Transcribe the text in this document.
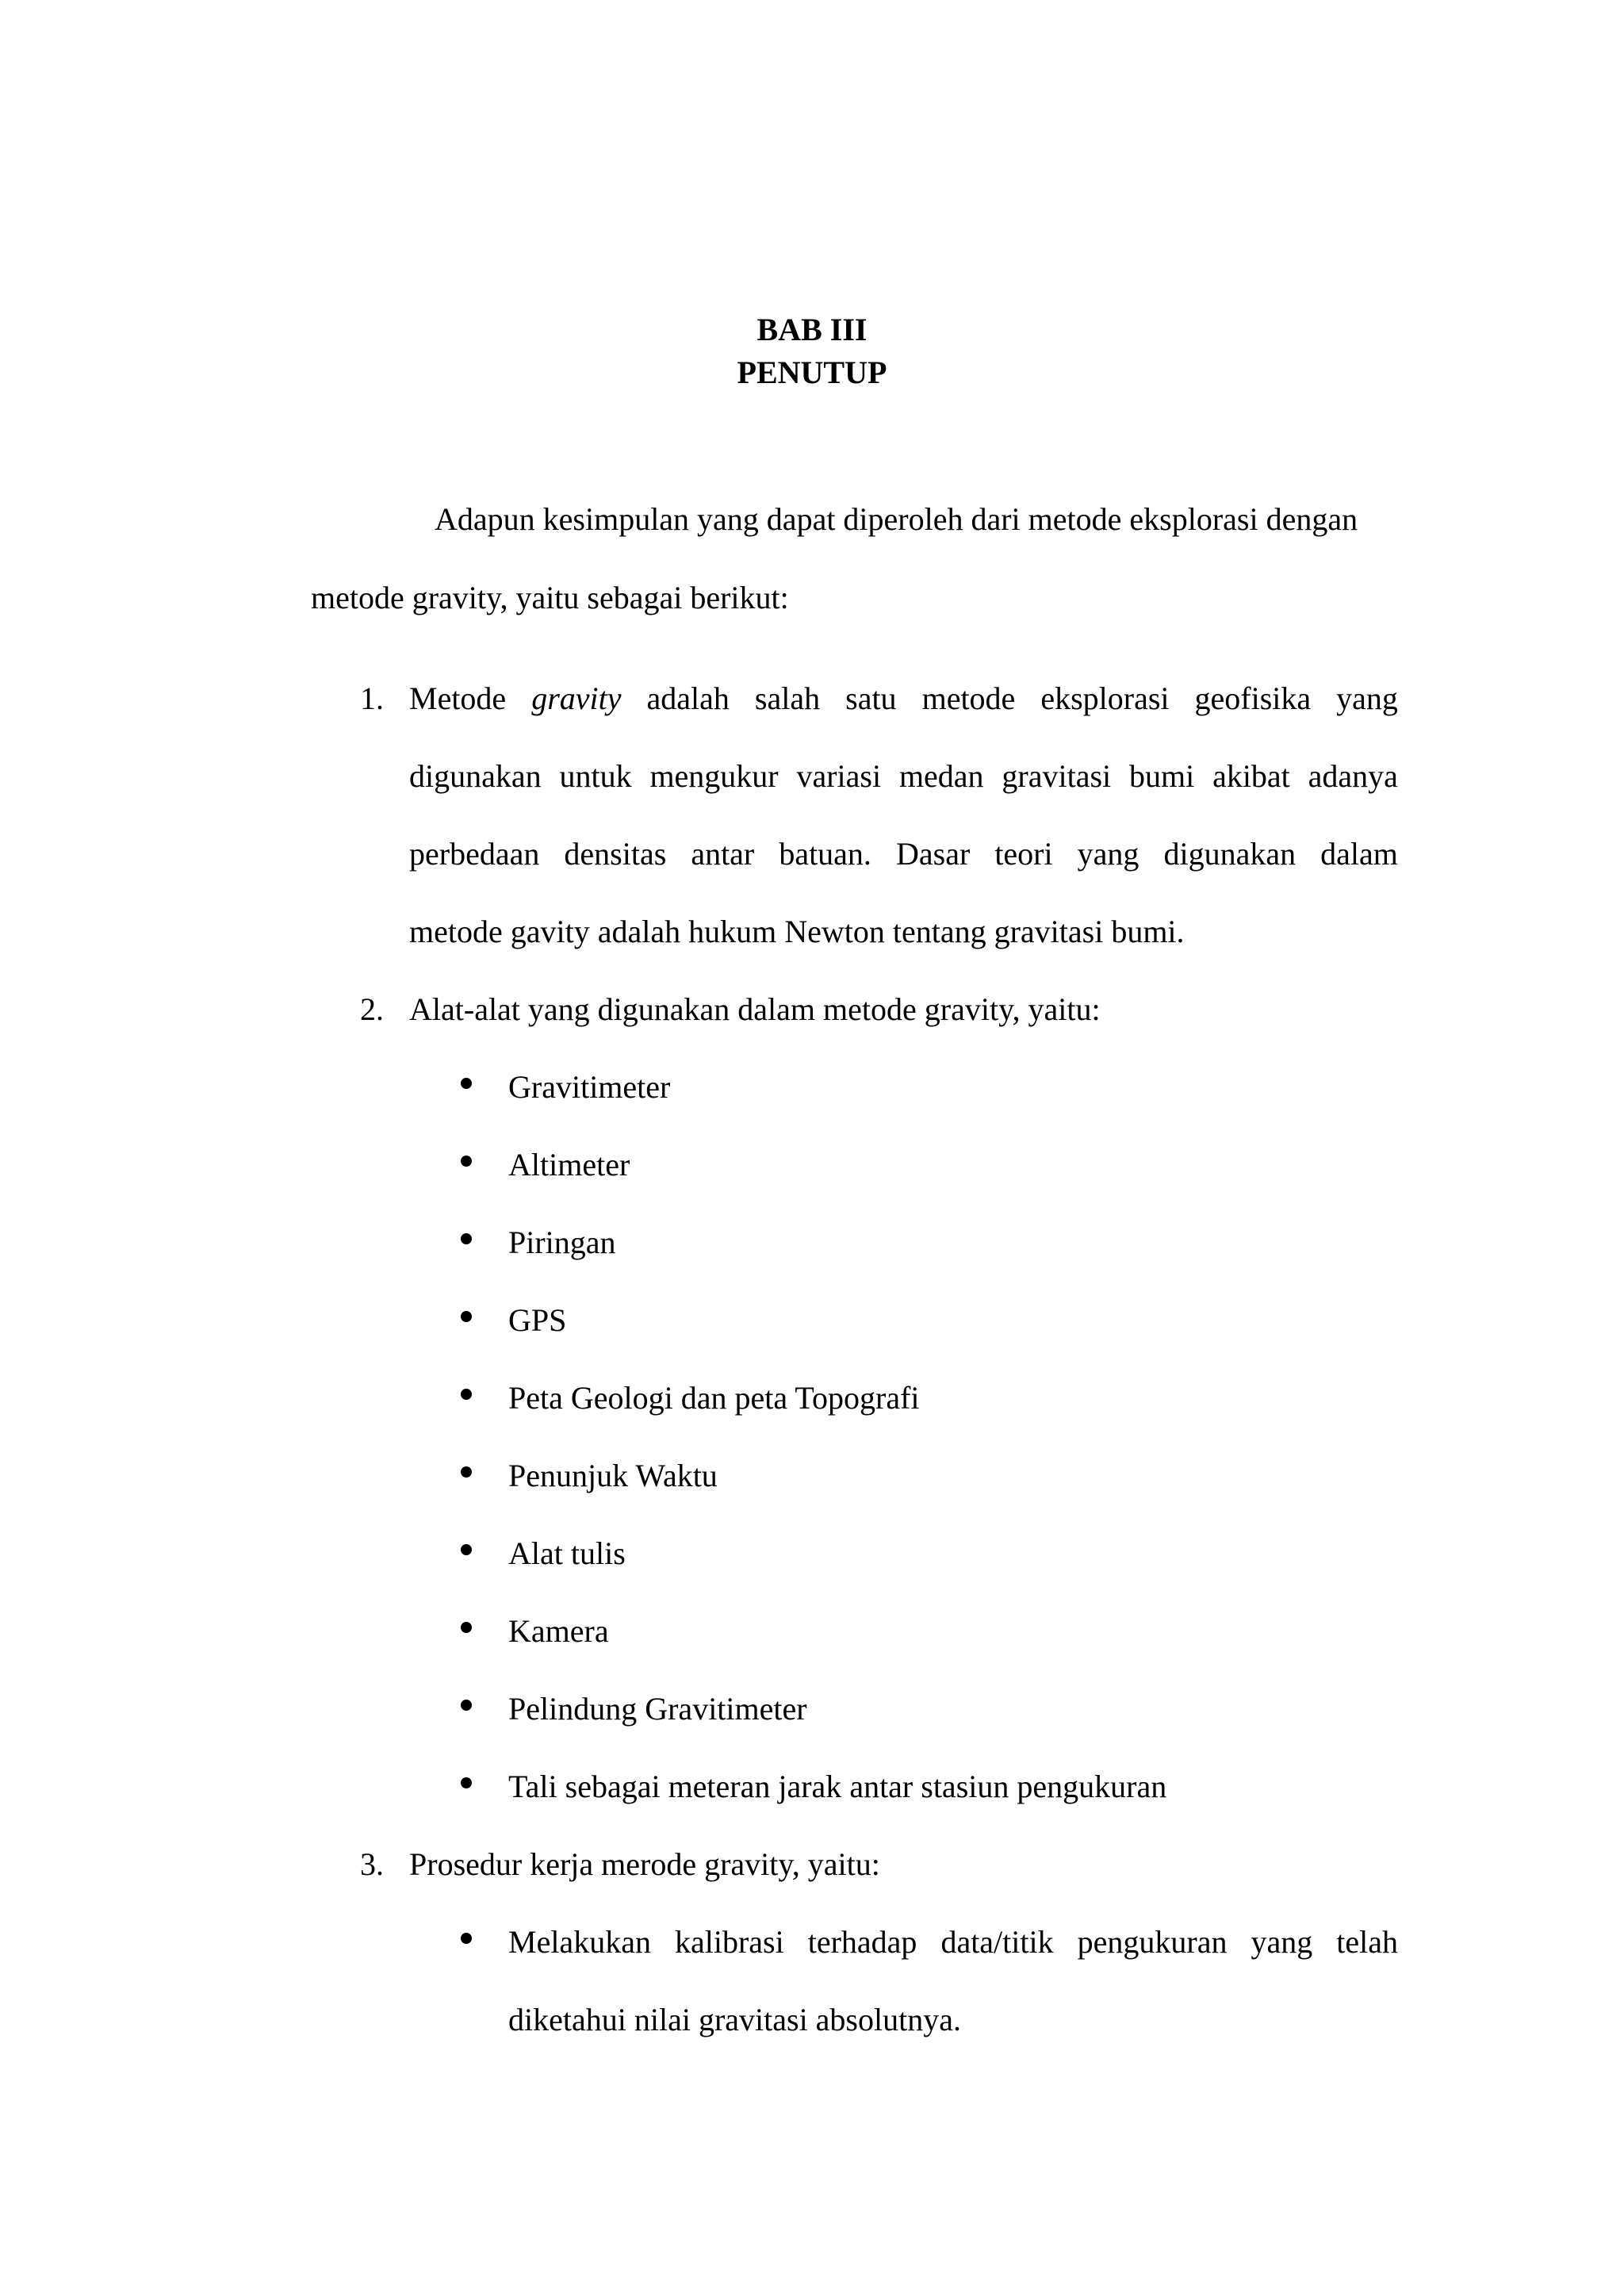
BAB III
PENUTUP
Adapun kesimpulan yang dapat diperoleh dari metode eksplorasi dengan
metode gravity, yaitu sebagai berikut:
1. Metode gravity adalah salah satu metode eksplorasi geofisika yang
digunakan untuk mengukur variasi medan gravitasi bumi akibat adanya
perbedaan densitas antar batuan. Dasar teori yang digunakan dalam
metode gavity adalah hukum Newton tentang gravitasi bumi.
2. Alat-alat yang digunakan dalam metode gravity, yaitu:
Gravitimeter
Altimeter
Piringan
GPS
Peta Geologi dan peta Topografi
Penunjuk Waktu
Alat tulis
Kamera
Pelindung Gravitimeter
Tali sebagai meteran jarak antar stasiun pengukuran
3. Prosedur kerja merode gravity, yaitu:
Melakukan kalibrasi terhadap data/titik pengukuran yang telah
diketahui nilai gravitasi absolutnya.
